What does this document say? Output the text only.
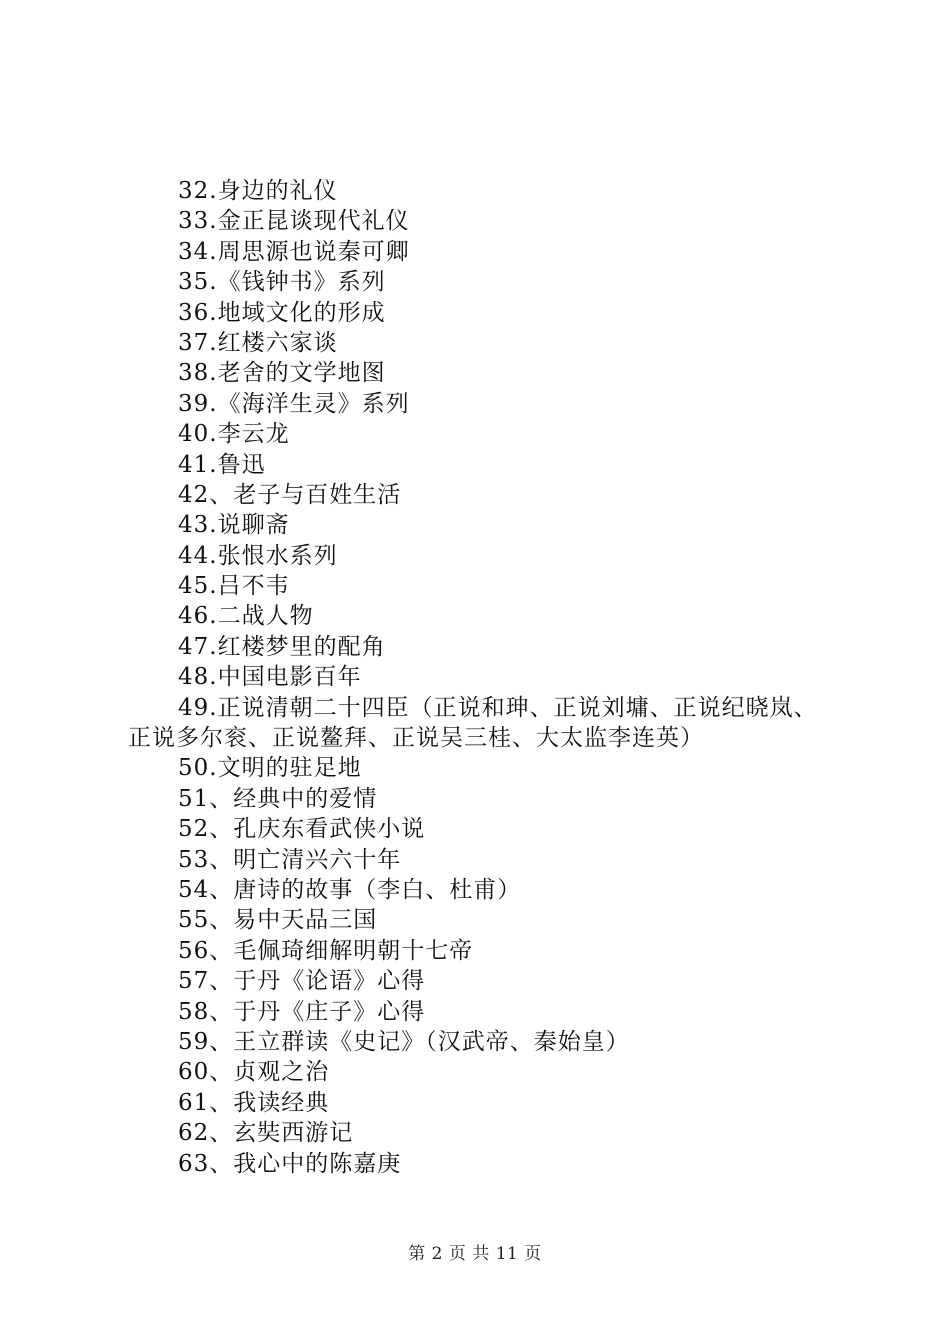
32.身边的礼仪
33.金正昆谈现代礼仪
34.周思源也说秦可卿
35.《钱钟书》系列
36.地域文化的形成
37.红楼六家谈
38.老舍的文学地图
39.《海洋生灵》系列
40.李云龙
41.鲁迅
42、老子与百姓生活
43.说聊斋
44.张恨水系列
45.吕不韦
46.二战人物
47.红楼梦里的配角
48.中国电影百年
49.正说清朝二十四臣（正说和珅、正说刘墉、正说纪晓岚、
正说多尔衮、正说鳌拜、正说吴三桂、大太监李连英）
50.文明的驻足地
51、经典中的爱情
52、孔庆东看武侠小说
53、明亡清兴六十年
54、唐诗的故事（李白、杜甫）
55、易中天品三国
56、毛佩琦细解明朝十七帝
57、于丹《论语》心得
58、于丹《庄子》心得
59、王立群读《史记》（汉武帝、秦始皇）
60、贞观之治
61、我读经典
62、玄奘西游记
63、我心中的陈嘉庚
第 2 页 共 11 页
